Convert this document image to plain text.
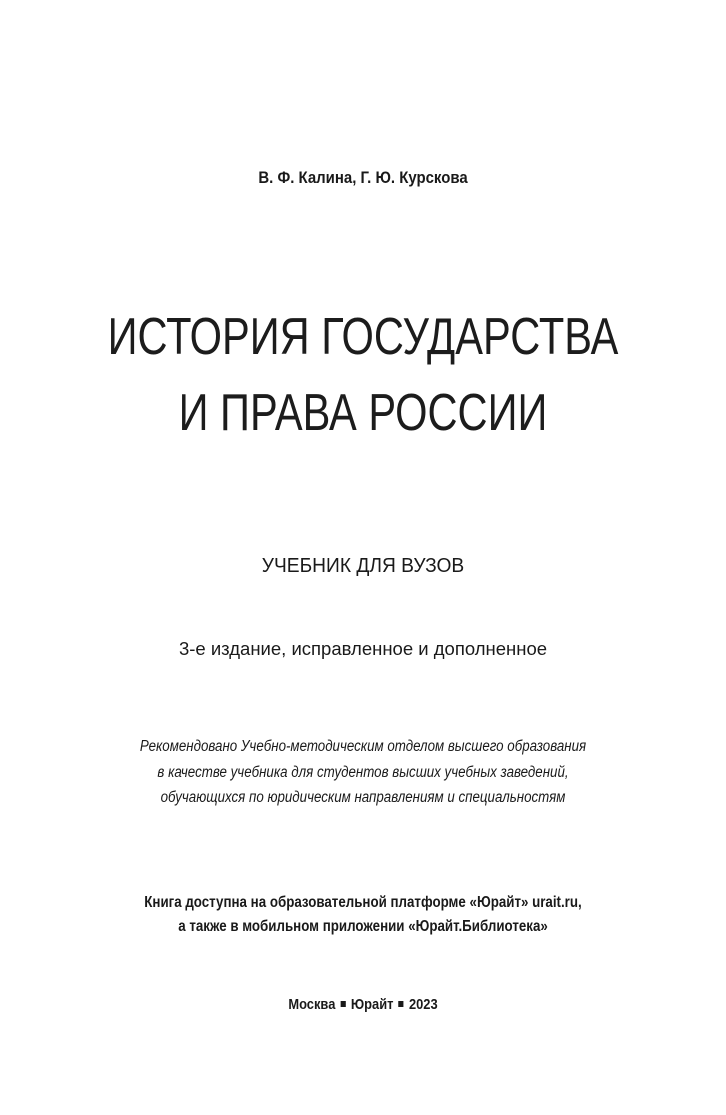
В. Ф. Калина, Г. Ю. Курскова
ИСТОРИЯ ГОСУДАРСТВА
И ПРАВА РОССИИ
УЧЕБНИК ДЛЯ ВУЗОВ
3-е издание, исправленное и дополненное
Рекомендовано Учебно-методическим отделом высшего образования
в качестве учебника для студентов высших учебных заведений,
обучающихся по юридическим направлениям и специальностям
Книга доступна на образовательной платформе «Юрайт» urait.ru,
а также в мобильном приложении «Юрайт.Библиотека»
Москва Юрайт 2023
